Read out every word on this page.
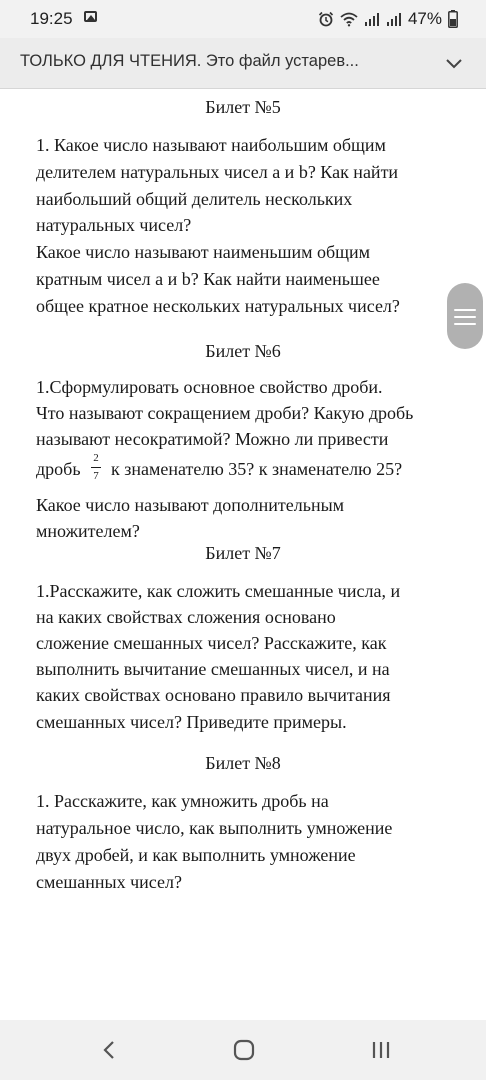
19:25	47%
ТОЛЬКО ДЛЯ ЧТЕНИЯ. Это файл устарев...
Билет №5
1. Какое число называют наибольшим общим
делителем натуральных чисел а и b? Как найти
наибольший общий делитель нескольких
натуральных чисел?
Какое число называют наименьшим общим
кратным чисел а и b? Как найти наименьшее
общее кратное нескольких натуральных чисел?
Билет №6
1.Сформулировать основное свойство дроби.
Что называют сокращением дроби? Какую дробь
называют несократимой? Можно ли привести
дробь
2
7 к знаменателю 35? к знаменателю 25?
Какое число называют дополнительным
множителем?
Билет №7
1.Расскажите, как сложить смешанные числа, и
на каких свойствах сложения основано
сложение смешанных чисел? Расскажите, как
выполнить вычитание смешанных чисел, и на
каких свойствах основано правило вычитания
смешанных чисел? Приведите примеры.
Билет №8
1. Расскажите, как умножить дробь на
натуральное число, как выполнить умножение
двух дробей, и как выполнить умножение
смешанных чисел?
